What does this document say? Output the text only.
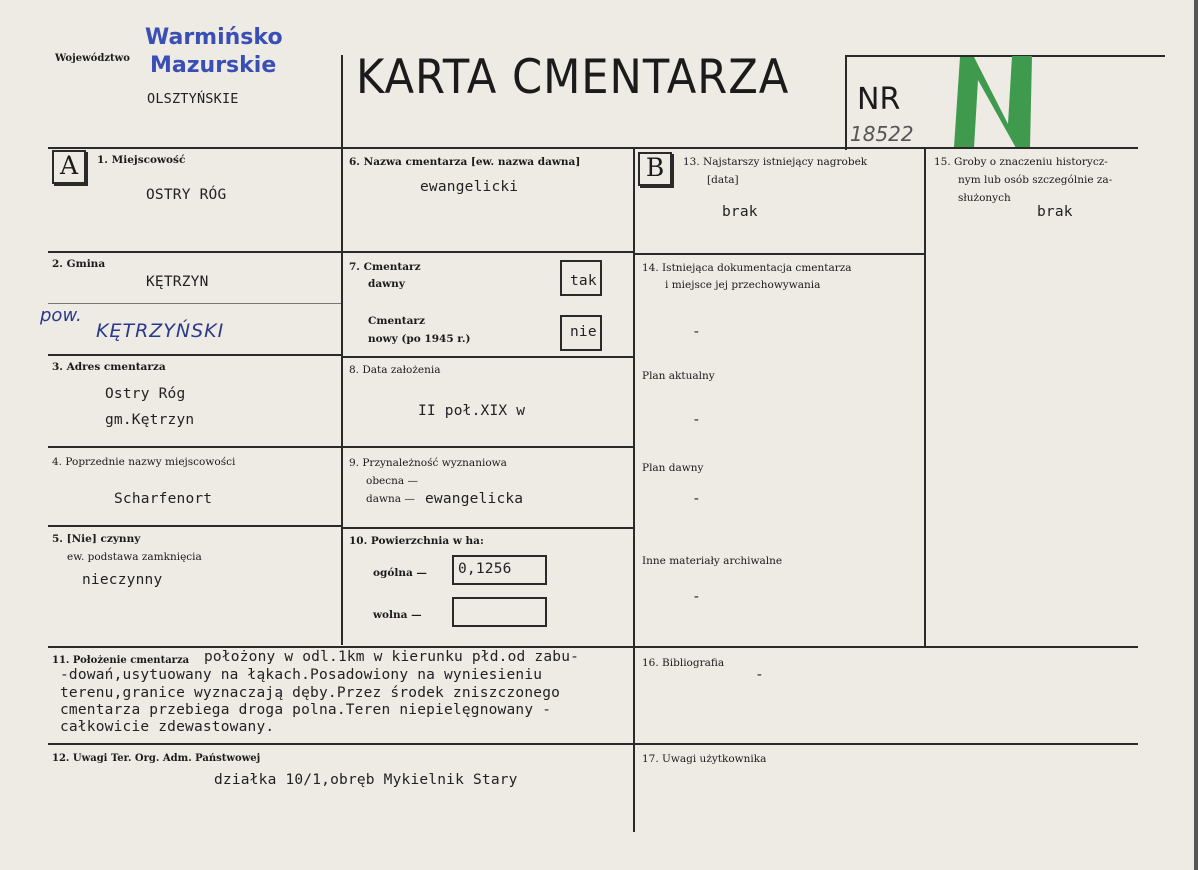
Województwo
Warmińsko
Mazurskie
OLSZTYŃSKIE KARTA CMENTARZA NR
18522
A	1. Miejscowość
OSTRY RÓG
2. Gmina
KĘTRZYN
pow.
KĘTRZYŃSKI
3. Adres cmentarza
Ostry Róg
gm.Kętrzyn
4. Poprzednie nazwy miejscowości
Scharfenort
5. [Nie] czynny
ew. podstawa zamknięcia
nieczynny
6. Nazwa cmentarza [ew. nazwa dawna]
ewangelicki
7. Cmentarz
dawny	tak
Cmentarz
nowy (po 1945 r.)	nie
8. Data założenia
II poł.XIX w
9. Przynależność wyznaniowa
obecna —
dawna — ewangelicka
10. Powierzchnia w ha:
ogólna — 0,1256
wolna —
B	13. Najstarszy istniejący nagrobek
[data]
brak
14. Istniejąca dokumentacja cmentarza
i miejsce jej przechowywania
-
Plan aktualny
-
Plan dawny
-
Inne materiały archiwalne
-
15. Groby o znaczeniu historycz-
nym lub osób szczególnie za-
służonych
brak
11. Położenie cmentarza położony w odl.1km w kierunku płd.od zabu-
-dowań,usytuowany na łąkach.Posadowiony na wyniesieniu
terenu,granice wyznaczają dęby.Przez środek zniszczonego
cmentarza przebiega droga polna.Teren niepielęgnowany -
całkowicie zdewastowany.
16. Bibliografia
-
12. Uwagi Ter. Org. Adm. Państwowej
działka 10/1,obręb Mykielnik Stary
17. Uwagi użytkownika
